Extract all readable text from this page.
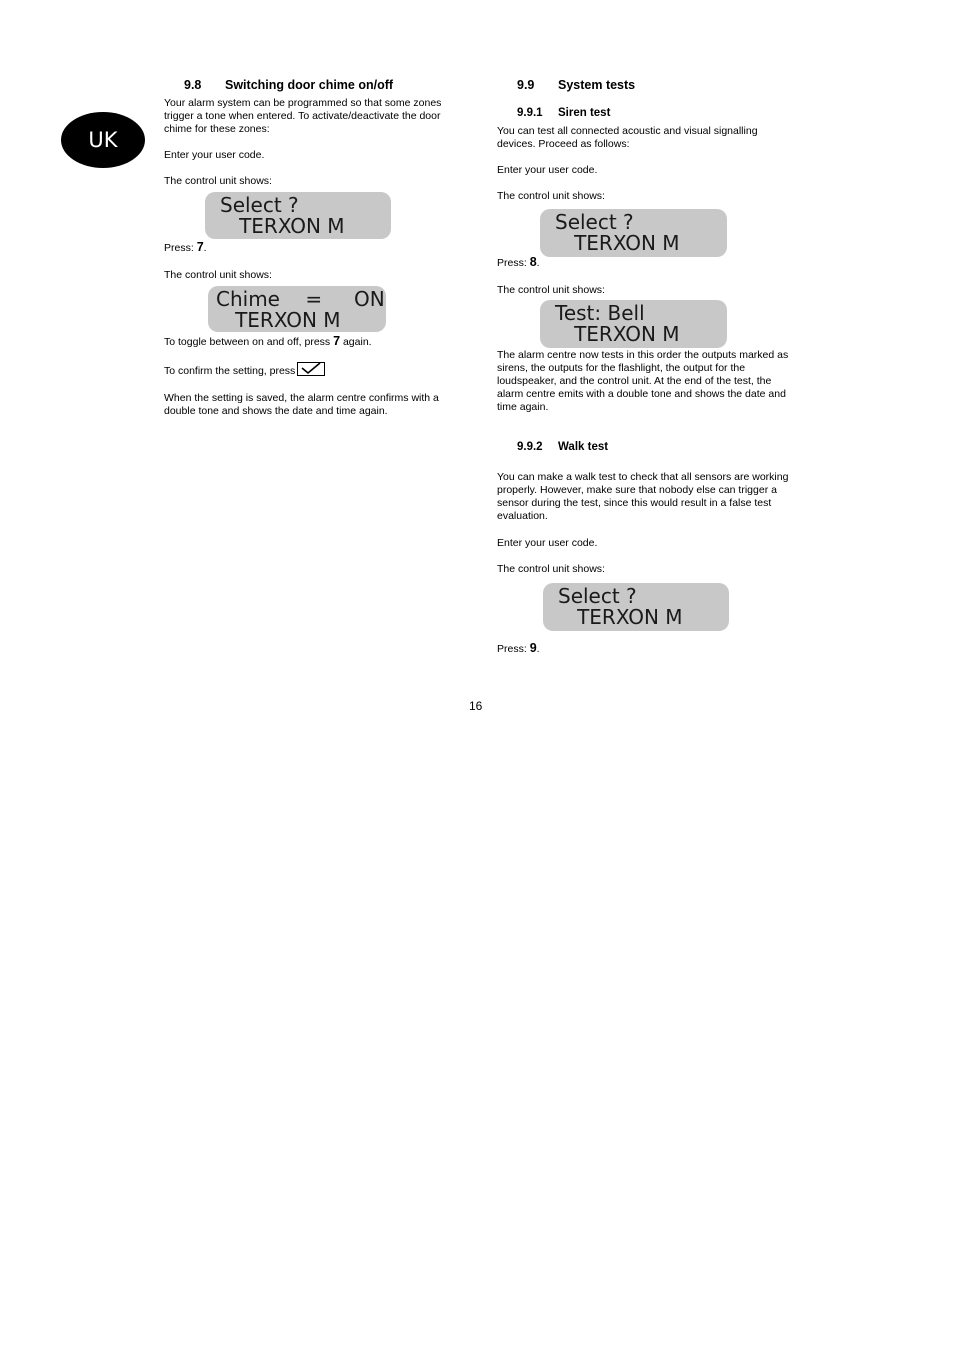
UK
9.8 Switching door chime on/off
Your alarm system can be programmed so that some zones trigger a tone when entered. To activate/deactivate the door chime for these zones:
Enter your user code.
The control unit shows:
Select ?
TERXON M
Press: 7.
The control unit shows:
Chime    =     ON
TERXON M
To toggle between on and off, press 7 again.
To confirm the setting, press
When the setting is saved, the alarm centre confirms with a double tone and shows the date and time again.
9.9 System tests
9.9.1 Siren test
You can test all connected acoustic and visual signalling devices. Proceed as follows:
Enter your user code.
The control unit shows:
Select ?
TERXON M
Press: 8.
The control unit shows:
Test: Bell
TERXON M
The alarm centre now tests in this order the outputs marked as sirens, the outputs for the flashlight, the output for the loudspeaker, and the control unit. At the end of the test, the alarm centre emits with a double tone and shows the date and time again.
9.9.2 Walk test
You can make a walk test to check that all sensors are working properly. However, make sure that nobody else can trigger a sensor during the test, since this would result in a false test evaluation.
Enter your user code.
The control unit shows:
Select ?
TERXON M
Press: 9.
16
